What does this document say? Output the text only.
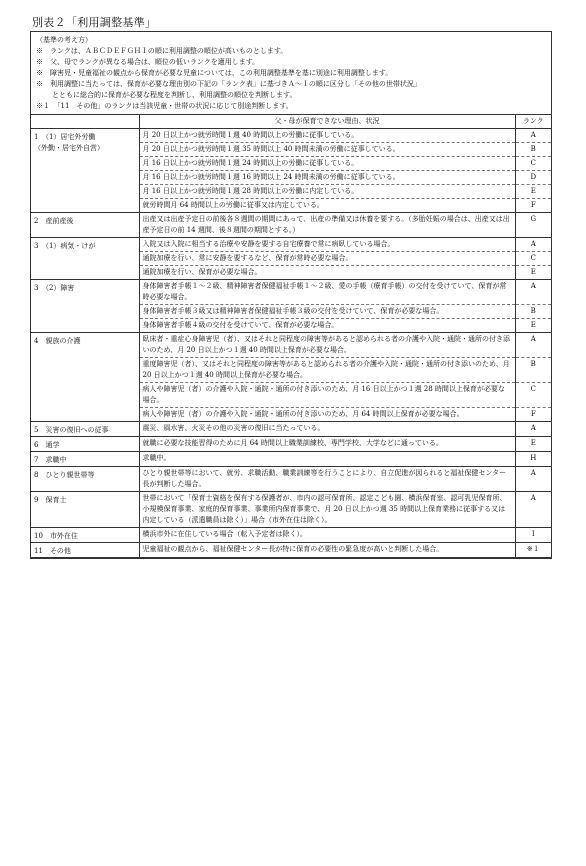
別表２「利用調整基準」
（基準の考え方）
※　ランクは、ＡＢＣＤＥＦＧＨＩの順に利用調整の順位が高いものとします。
※　父、母でランクが異なる場合は、順位の低いランクを適用します。
※　障害児・児童福祉の観点から保育が必要な児童については、この利用調整基準を基に別途に利用調整します。
※　利用調整に当たっては、保育が必要な理由別の下記の「ランク表」に基づきＡ～Ｉの順に区分し「その他の世帯状況」
とともに総合的に保育が必要な程度を判断し、利用調整の順位を判断します。
※１　「11　その他」のランクは当該児童・世帯の状況に応じて別途判断します。
	父・母が保育できない理由、状況	ランク

1　（1）居宅外労働
（外勤・居宅外自営）	月 20 日以上かつ就労時間１週 40 時間以上の労働に従事している。	A
	月 20 日以上かつ就労時間１週 35 時間以上 40 時間未満の労働に従事している。	B
	月 16 日以上かつ就労時間１週 24 時間以上の労働に従事している。	C
	月 16 日以上かつ就労時間１週 16 時間以上 24 時間未満の労働に従事している。	D
	月 16 日以上かつ就労時間１週 28 時間以上の労働に内定している。	E
	就労時間月 64 時間以上の労働に従事又は内定している。	F

2　産前産後	出産又は出産予定日の前後各８週間の期間にあって、出産の準備又は休養を要する。（多胎妊娠の場合は、出産又は出産予定日の前 14 週間、後８週間の期間とする。）	G

3　（1）病気・けが	入院又は入院に相当する治療や安静を要する自宅療養で常に病臥している場合。	A
	通院加療を行い、常に安静を要するなど、保育が常時必要な場合。	C
	通院加療を行い、保育が必要な場合。	E

3　（2）障害	身体障害者手帳１～２級、精神障害者保健福祉手帳１～２級、愛の手帳（療育手帳）の交付を受けていて、保育が常時必要な場合。	A
	身体障害者手帳３級又は精神障害者保健福祉手帳３級の交付を受けていて、保育が必要な場合。	B
	身体障害者手帳４級の交付を受けていて、保育が必要な場合。	E

4　親族の介護	臥床者・重症心身障害児（者）、又はそれと同程度の障害等があると認められる者の介護や入院・通院・通所の付き添いのため、月 20 日以上かつ１週 40 時間以上保育が必要な場合。	A
	重度障害児（者）、又はそれと同程度の障害等があると認められる者の介護や入院・通院・通所の付き添いのため、月 20 日以上かつ１週 40 時間以上保育が必要な場合。	B
	病人や障害児（者）の介護や入院・通院・通所の付き添いのため、月 16 日以上かつ１週 28 時間以上保育が必要な場合。	C
	病人や障害児（者）の介護や入院・通院・通所の付き添いのため、月 64 時間以上保育が必要な場合。	F

5　災害の復旧への従事	震災、風水害、火災その他の災害の復旧に当たっている。	A

6　通学	就職に必要な技能習得のために月 64 時間以上職業訓練校、専門学校、大学などに通っている。	E

7　求職中	求職中。	H

8　ひとり親世帯等	ひとり親世帯等において、就労、求職活動、職業訓練等を行うことにより、自立促進が図られると福祉保健センター長が判断した場合。	A

9　保育士	世帯において「保育士資格を保有する保護者が、市内の認可保育所、認定こども園、横浜保育室、認可乳児保育所、小規模保育事業、家庭的保育事業、事業所内保育事業で、月 20 日以上かつ週 35 時間以上保育業務に従事する又は内定している（派遣職員は除く）」場合（市外在住は除く）。	A

10　市外在住	横浜市外に在住している場合（転入予定者は除く）。	I

11　その他	児童福祉の観点から、福祉保健センター長が特に保育の必要性の緊急度が高いと判断した場合。	※１
